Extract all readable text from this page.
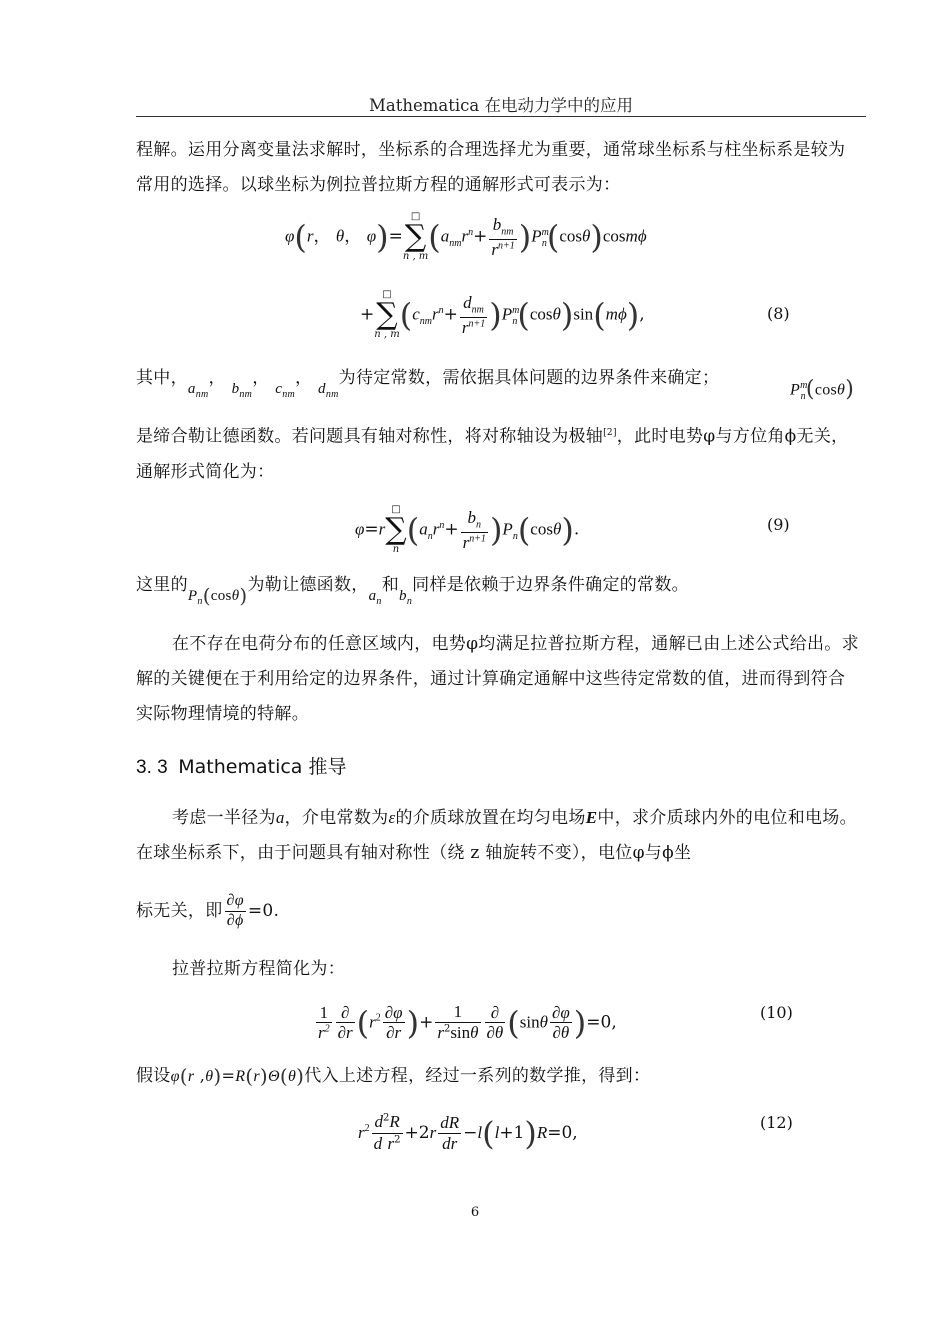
Mathematica 在电动力学中的应用

程解。运用分离变量法求解时，坐标系的合理选择尤为重要，通常球坐标系与柱坐标系是较为常用的选择。以球坐标为例拉普拉斯方程的通解形式可表示为：

φ(r， θ， φ)=
□
∑
n , m
$(a_{nm}r^n+ \frac{b_{nm}}{r^{n+1}} )P^m_n(\cos\theta)\cos m\phi$
+
□
∑
n , m
$(c_{nm}r^n+ \frac{d_{nm}}{r^{n+1}} )P^m_n(\cos\theta)\sin(m\phi)$,	(8)
其中，$a_{nm}$， $b_{nm}$， $c_{nm}$， $d_{nm}$为待定常数，需依据具体问题的边界条件来确定；
$P^m_n(\cos\theta)$
是缔合勒让德函数。若问题具有轴对称性，将对称轴设为极轴[2]，此时电势φ与方位角ϕ无关，通解形式简化为：
φ=r
□
∑
n
$(a_nr^n+ \frac{b_n}{r^{n+1}} )P_n(\cos\theta)$.	(9)
这里的$P_n(\cos\theta)$为勒让德函数，$a_n$和$b_n$同样是依赖于边界条件确定的常数。

在不存在电荷分布的任意区域内，电势φ均满足拉普拉斯方程，通解已由上述公式给出。求解的关键便在于利用给定的边界条件，通过计算确定通解中这些待定常数的值，进而得到符合实际物理情境的特解。

3. 3 Mathematica 推导
考虑一半径为a，介电常数为ε的介质球放置在均匀电场E中，求介质球内外的电位和电场。在球坐标系下，由于问题具有轴对称性（绕 z 轴旋转不变），电位φ与ϕ坐
标无关，即 $\frac{\partial\varphi}{\partial\phi} =0$.

拉普拉斯方程简化为：

$\frac{1}{r^2} \frac{\partial}{\partial r} (r^2 \frac{\partial\varphi}{\partial r}$ )+ $\frac{1}{r^2\sin\theta} \frac{\partial}{\partial\theta} (\sin\theta \frac{\partial\varphi}{\partial\theta} )=0$,	(10)
假设φ(r ,θ)=R(r)Θ(θ)代入上述方程，经过一系列的数学推，得到：
$r^2 \frac{d^2R}{d r^2} +2r \frac{dR}{dr} -l(l+1)R=0$,
(12)
6
